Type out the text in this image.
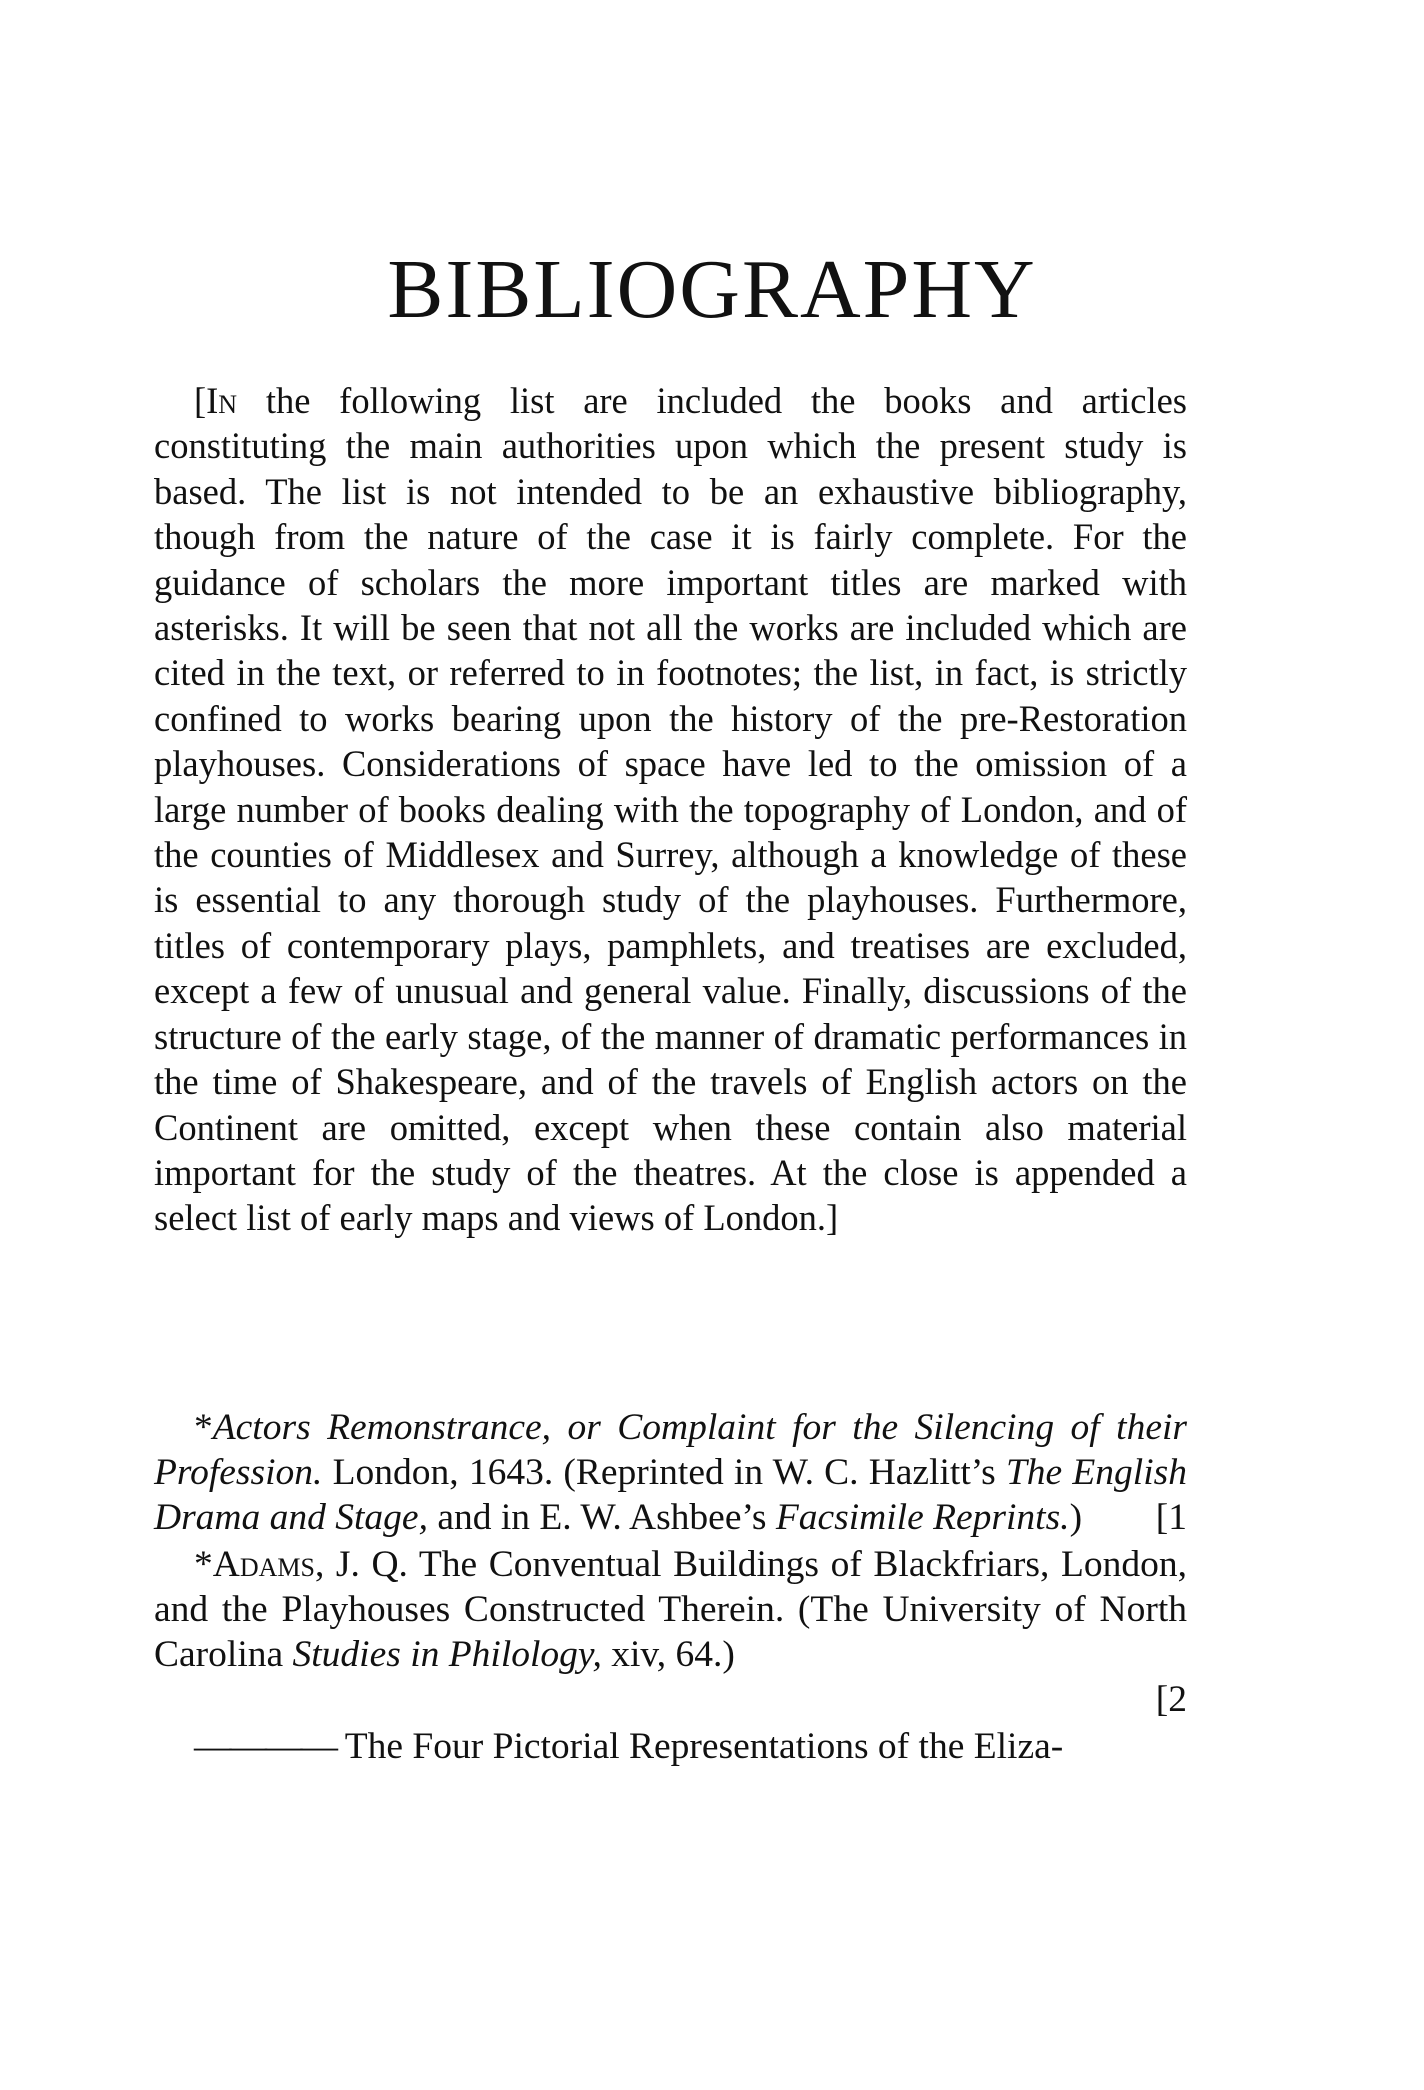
BIBLIOGRAPHY

[In the following list are included the books and articles constituting the main authorities upon which the present study is based. The list is not intended to be an exhaustive bibliography, though from the nature of the case it is fairly complete. For the guidance of scholars the more important titles are marked with asterisks. It will be seen that not all the works are included which are cited in the text, or referred to in footnotes; the list, in fact, is strictly confined to works bearing upon the history of the pre-Restoration playhouses. Considerations of space have led to the omission of a large number of books dealing with the topography of London, and of the counties of Middlesex and Surrey, although a knowledge of these is essential to any thorough study of the playhouses. Furthermore, titles of contemporary plays, pamphlets, and treatises are excluded, except a few of unusual and general value. Finally, discussions of the structure of the early stage, of the manner of dramatic performances in the time of Shakespeare, and of the travels of English actors on the Continent are omitted, except when these contain also material important for the study of the theatres. At the close is appended a select list of early maps and views of London.]

*Actors Remonstrance, or Complaint for the Silencing of their Profession. London, 1643. (Reprinted in W. C. Hazlitt’s The English Drama and Stage, and in E. W. Ashbee’s Facsimile Reprints.) [1

*Adams, J. Q. The Conventual Buildings of Blackfriars, London, and the Playhouses Constructed Therein. (The University of North Carolina Studies in Philology, xiv, 64.)
[2

———— The Four Pictorial Representations of the Eliza-
